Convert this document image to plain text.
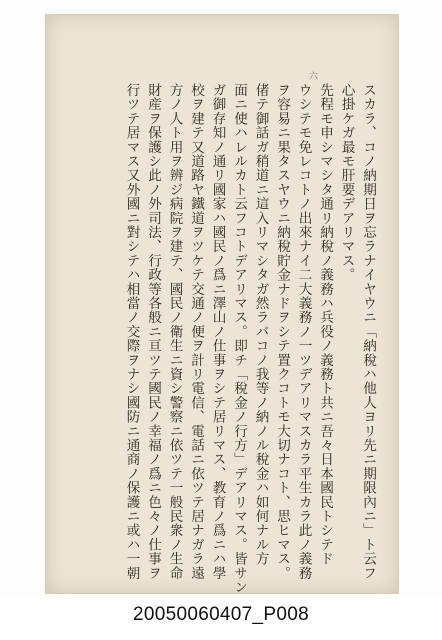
六
スカラ、コノ納期日ヲ忘ラナイヤウニ「納稅ハ他人ヨリ先ニ期限內ニ」ト云フ
心掛ケガ最モ肝要デアリマス。
先程モ申シマシタ通リ納稅ノ義務ハ兵役ノ義務ト共ニ吾々日本國民トシテド
ウシテモ免レコトノ出來ナイ二大義務ノ一ツデアリマスカラ平生カラ此ノ義務
ヲ容易ニ果タスヤウニ納稅貯金ナドヲシテ置クコトモ大切ナコト、思ヒマス。
偖テ御話ガ稍道ニ這入リマシタガ然ラバコノ我等ノ納ノル稅金ハ如何ナル方
面ニ使ハレルカト云フコトデアリマス。即チ「稅金ノ行方」デアリマス。皆サン
ガ御存知ノ通リ國家ハ國民ノ爲ニ澤山ノ仕事ヲシテ居リマス、教育ノ爲ニハ學
校ヲ建テ又道路ヤ鐵道ヲツケテ交通ノ便ヲ計リ電信、電話ニ依ツテ居ナガラ遠
方ノ人ト用ヲ辨ジ病院ヲ建テ、國民ノ衛生ニ資シ警察ニ依ツテ一般民衆ノ生命
財産ヲ保護シ此ノ外司法、行政等各般ニ亘ツテ國民ノ幸福ノ爲ニ色々ノ仕事ヲ
行ツテ居マス又外國ニ對シテハ相當ノ交際ヲナシ國防ニ通商ノ保護ニ或ハ一朝
20050060407_P008
